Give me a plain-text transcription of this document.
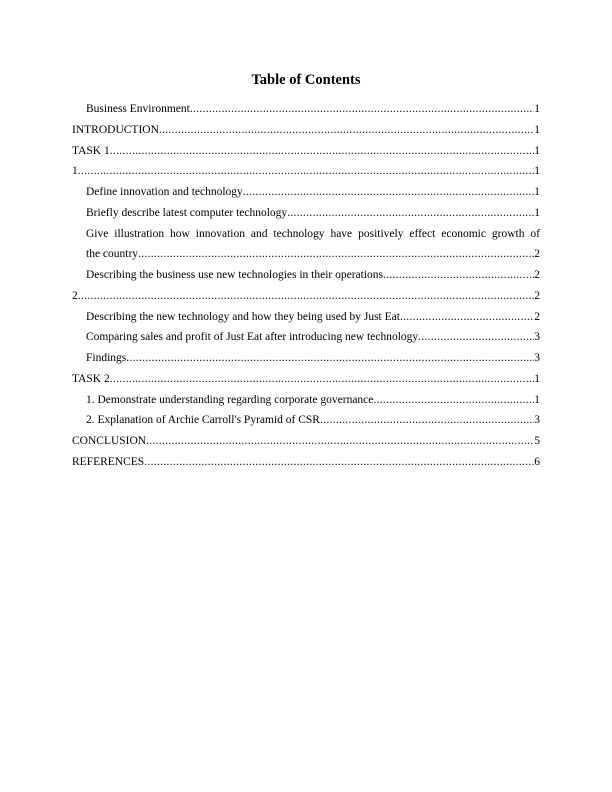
Table of Contents
Business Environment .....	1
INTRODUCTION .....	1
TASK 1 .....	1
1 .....	1
Define innovation and technology .....	1
Briefly describe latest computer technology .....	1
Give illustration how innovation and technology have positively effect economic growth of
the country .....	2
Describing the business use new technologies in their operations .....	2
2 .....	2
Describing the new technology and how they being used by Just Eat .....	2
Comparing sales and profit of Just Eat after introducing new technology .....	3
Findings .....	3
TASK 2 .....	1
1. Demonstrate understanding regarding corporate governance .....	1
2. Explanation of Archie Carroll's Pyramid of CSR .....	3
CONCLUSION .....	5
REFERENCES .....	6
